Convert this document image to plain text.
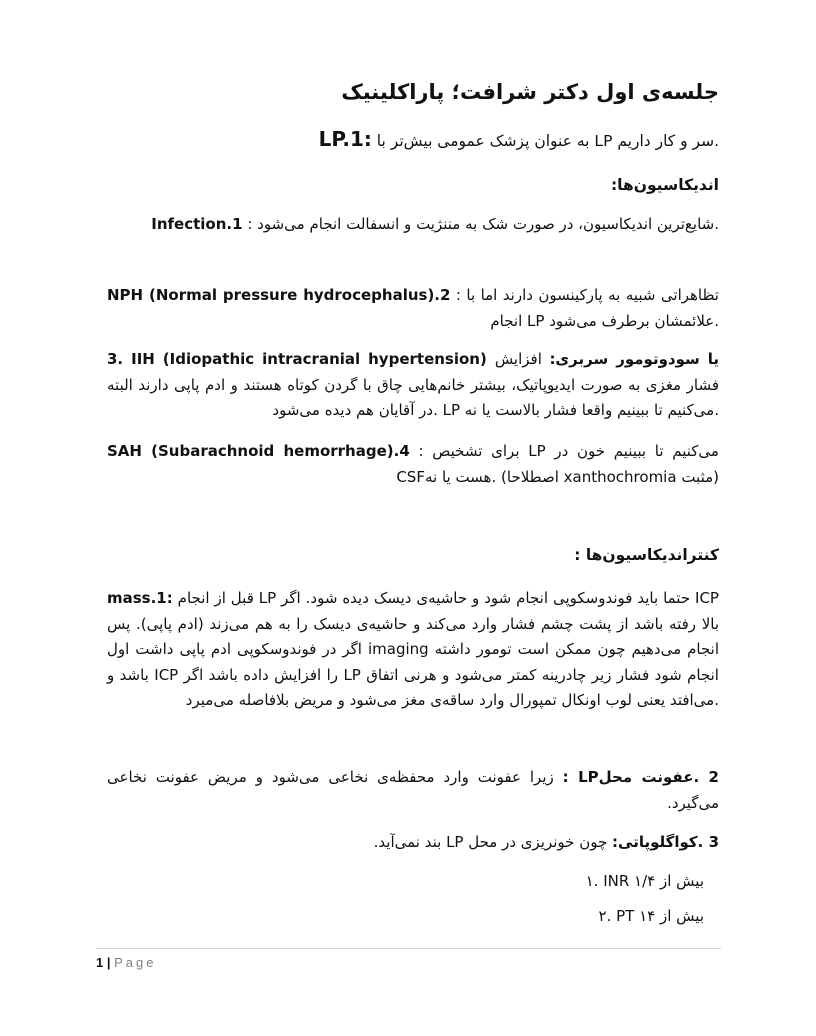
جلسه‌ی اول دکتر شرافت؛ پاراکلینیک
LP.1: به عنوان پزشک عمومی بیش‌تر با LP سر و کار داریم.
اندیکاسیون‌ها:
Infection.1 : شایع‌ترین اندیکاسیون، در صورت شک به مننژیت و انسفالت انجام می‌شود.
NPH (Normal pressure hydrocephalus).2 : تظاهراتی شبیه به پارکینسون دارند اما با انجام LP علائمشان برطرف می‌شود.
3. IIH (Idiopathic intracranial hypertension) یا سودوتومور سربری: افزایش فشار مغزی به صورت ایدیوپاتیک، بیشتر خانم‌هایی چاق با گردن کوتاه هستند و ادم پاپی دارند البته در آقایان هم دیده می‌شود. LP می‌کنیم تا ببینیم واقعا فشار بالاست یا نه.
SAH (Subarachnoid hemorrhage).4 : برای تشخیص LP می‌کنیم تا ببینیم خون در CSFهست یا نه. (اصطلاحا xanthochromia مثبت)
کنتراندیکاسیون‌ها :
mass.1: قبل از انجام LP حتما باید فوندوسکوپی انجام شود و حاشیه‌ی دیسک دیده شود. اگر ICP بالا رفته باشد از پشت چشم فشار وارد می‌کند و حاشیه‌ی دیسک را به هم می‌زند (ادم پاپی). پس اگر در فوندوسکوپی ادم پاپی داشت اول imaging انجام می‌دهیم چون ممکن است تومور داشته باشد و ICP را افزایش داده باشد اگر LP انجام شود فشار زیر چادرینه کمتر می‌شود و هرنی اتفاق می‌افتد یعنی لوب اونکال تمپورال وارد ساقه‌ی مغز می‌شود و مریض بلافاصله می‌میرد.
2 .عفونت محلLP : زیرا عفونت وارد محفظه‌ی نخاعی می‌شود و مریض عفونت نخاعی می‌گیرد.
3 .کواگلوپاتی: چون خونریزی در محل LP بند نمی‌آید.
۱. INR بیش از ۱/۴
۲. PT بیش از ۱۴
1 | Page
